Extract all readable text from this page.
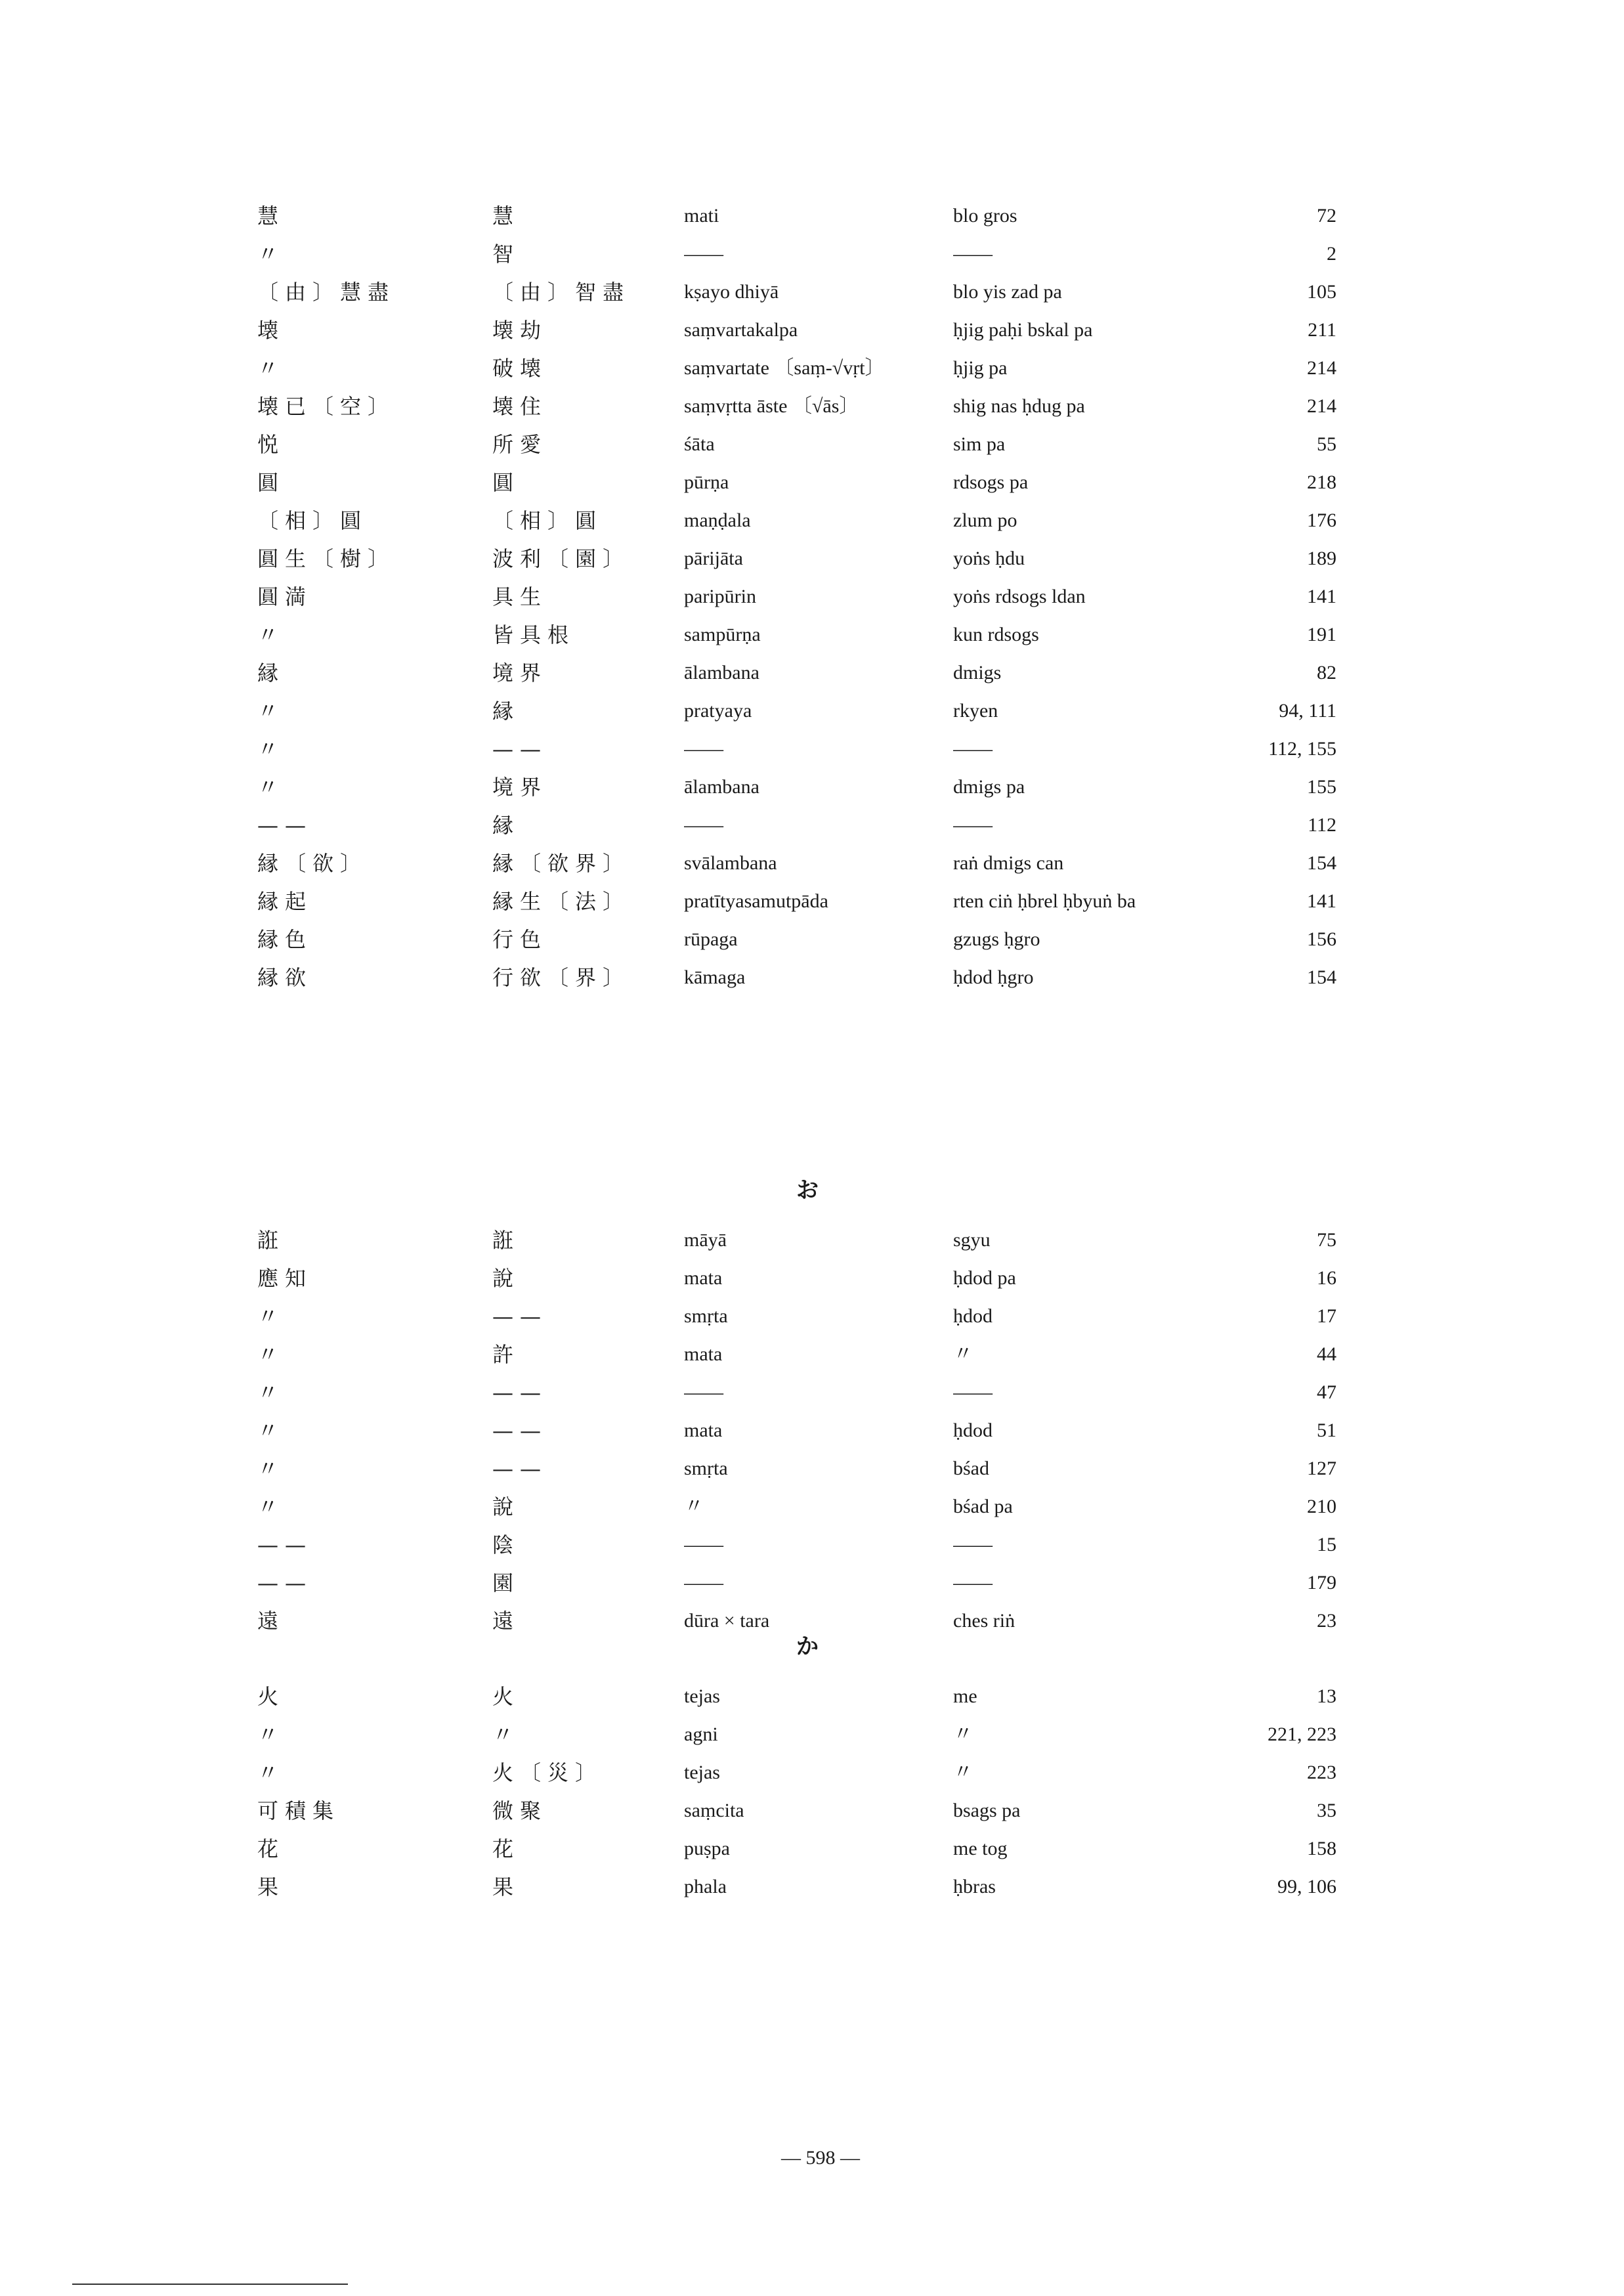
慧	慧	mati	blo gros	72
〃	智	——	——	2
〔由〕慧盡	〔由〕智盡	kṣayo dhiyā	blo yis zad pa	105
壊	壊劫	saṃvartakalpa	ḥjig paḥi bskal pa	211
〃	破壊	saṃvartate 〔saṃ-√vṛt〕	ḥjig pa	214
壊已〔空〕	壊住	saṃvṛtta āste 〔√ās〕	shig nas ḥdug pa	214
悦	所愛	śāta	sim pa	55
圓	圓	pūrṇa	rdsogs pa	218
〔相〕圓	〔相〕圓	maṇḍala	zlum po	176
圓生〔樹〕	波利〔園〕	pārijāta	yoṅs ḥdu	189
圓満	具生	paripūrin	yoṅs rdsogs ldan	141
〃	皆具根	sampūrṇa	kun rdsogs	191
縁	境界	ālambana	dmigs	82
〃	縁	pratyaya	rkyen	94, 111
〃	——	——	——	112, 155
〃	境界	ālambana	dmigs pa	155
——	縁	——	——	112
縁〔欲〕	縁〔欲界〕	svālambana	raṅ dmigs can	154
縁起	縁生〔法〕	pratītyasamutpāda	rten ciṅ ḥbrel ḥbyuṅ ba	141
縁色	行色	rūpaga	gzugs ḥgro	156
縁欲	行欲〔界〕	kāmaga	ḥdod ḥgro	154
お
誑	誑	māyā	sgyu	75
應知	說	mata	ḥdod pa	16
〃	——	smṛta	ḥdod	17
〃	許	mata	〃	44
〃	——	——	——	47
〃	——	mata	ḥdod	51
〃	——	smṛta	bśad	127
〃	說	〃	bśad pa	210
——	陰	——	——	15
——	園	——	——	179
遠	遠	dūra × tara	ches riṅ	23
か
火	火	tejas	me	13
〃	〃	agni	〃	221, 223
〃	火〔災〕	tejas	〃	223
可積集	微聚	saṃcita	bsags pa	35
花	花	puṣpa	me tog	158
果	果	phala	ḥbras	99, 106
— 598 —
